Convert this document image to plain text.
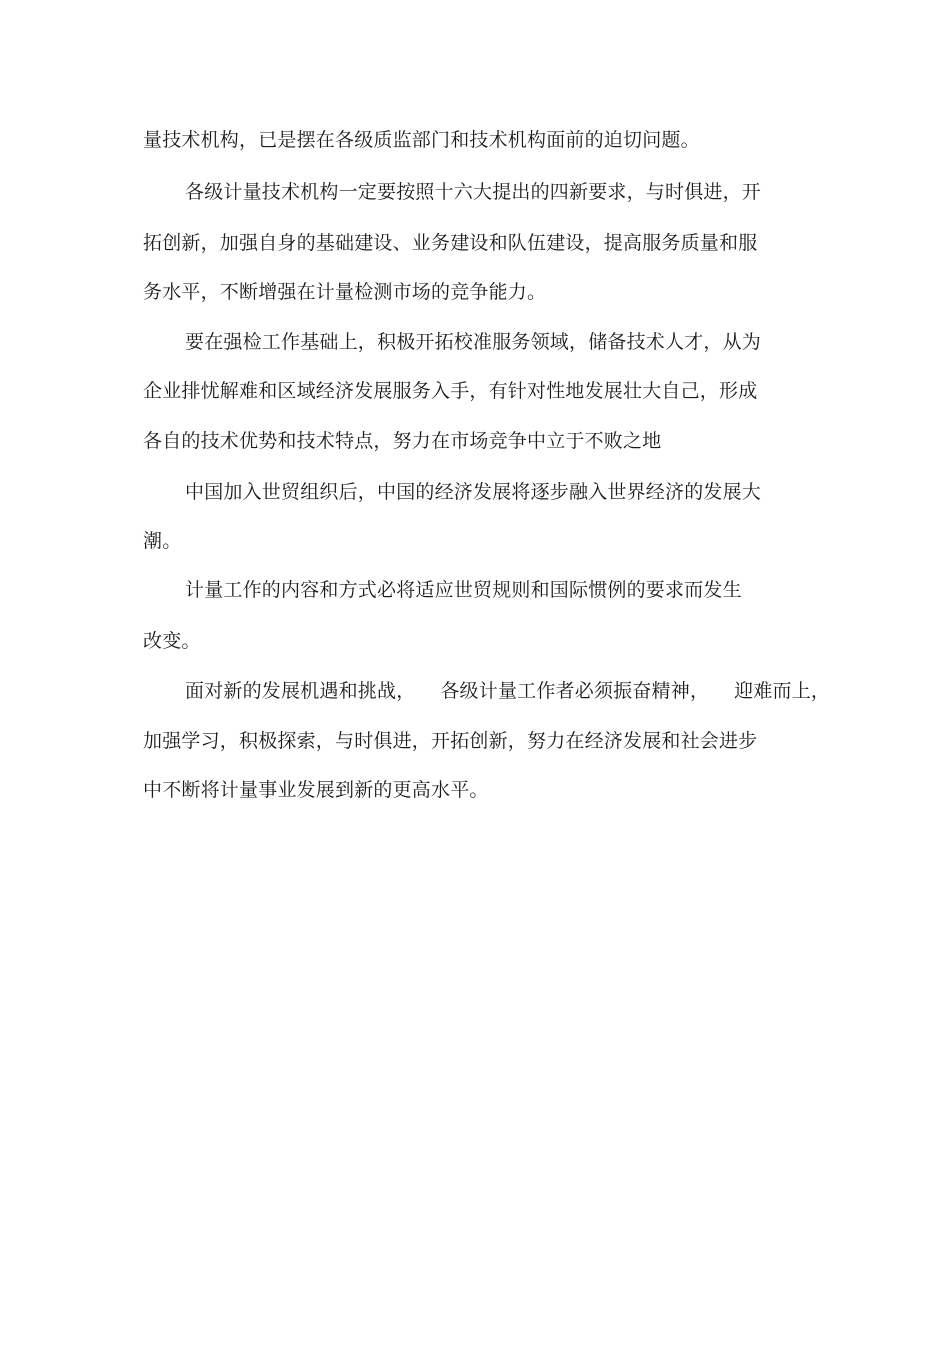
量技术机构，已是摆在各级质监部门和技术机构面前的迫切问题。
各级计量技术机构一定要按照十六大提出的四新要求，与时俱进，开
拓创新，加强自身的基础建设、业务建设和队伍建设，提高服务质量和服
务水平，不断增强在计量检测市场的竞争能力。
要在强检工作基础上，积极开拓校准服务领域，储备技术人才，从为
企业排忧解难和区域经济发展服务入手，有针对性地发展壮大自己，形成
各自的技术优势和技术特点，努力在市场竞争中立于不败之地
中国加入世贸组织后，中国的经济发展将逐步融入世界经济的发展大
潮。
计量工作的内容和方式必将适应世贸规则和国际惯例的要求而发生
改变。
面对新的发展机遇和挑战，    各级计量工作者必须振奋精神，    迎难而上，
加强学习，积极探索，与时俱进，开拓创新，努力在经济发展和社会进步
中不断将计量事业发展到新的更高水平。
